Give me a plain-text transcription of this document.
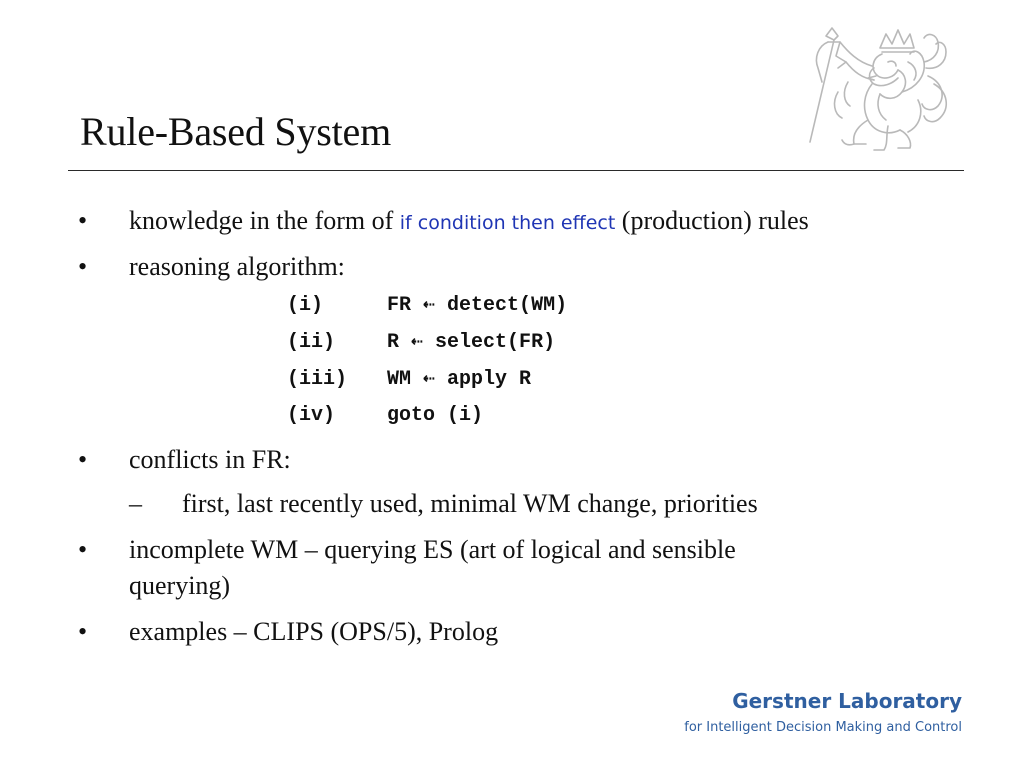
Rule-Based System
• knowledge in the form of if condition then effect (production) rules
• reasoning algorithm:
(i)	FR ⇠ detect(WM)
(ii)	R ⇠ select(FR)
(iii) WM ⇠ apply R
(iv)	goto (i)
• conflicts in FR:
– first, last recently used, minimal WM change, priorities
• incomplete WM – querying ES (art of logical and sensible
querying)
• examples – CLIPS (OPS/5), Prolog
Gerstner Laboratory
for Intelligent Decision Making and Control
